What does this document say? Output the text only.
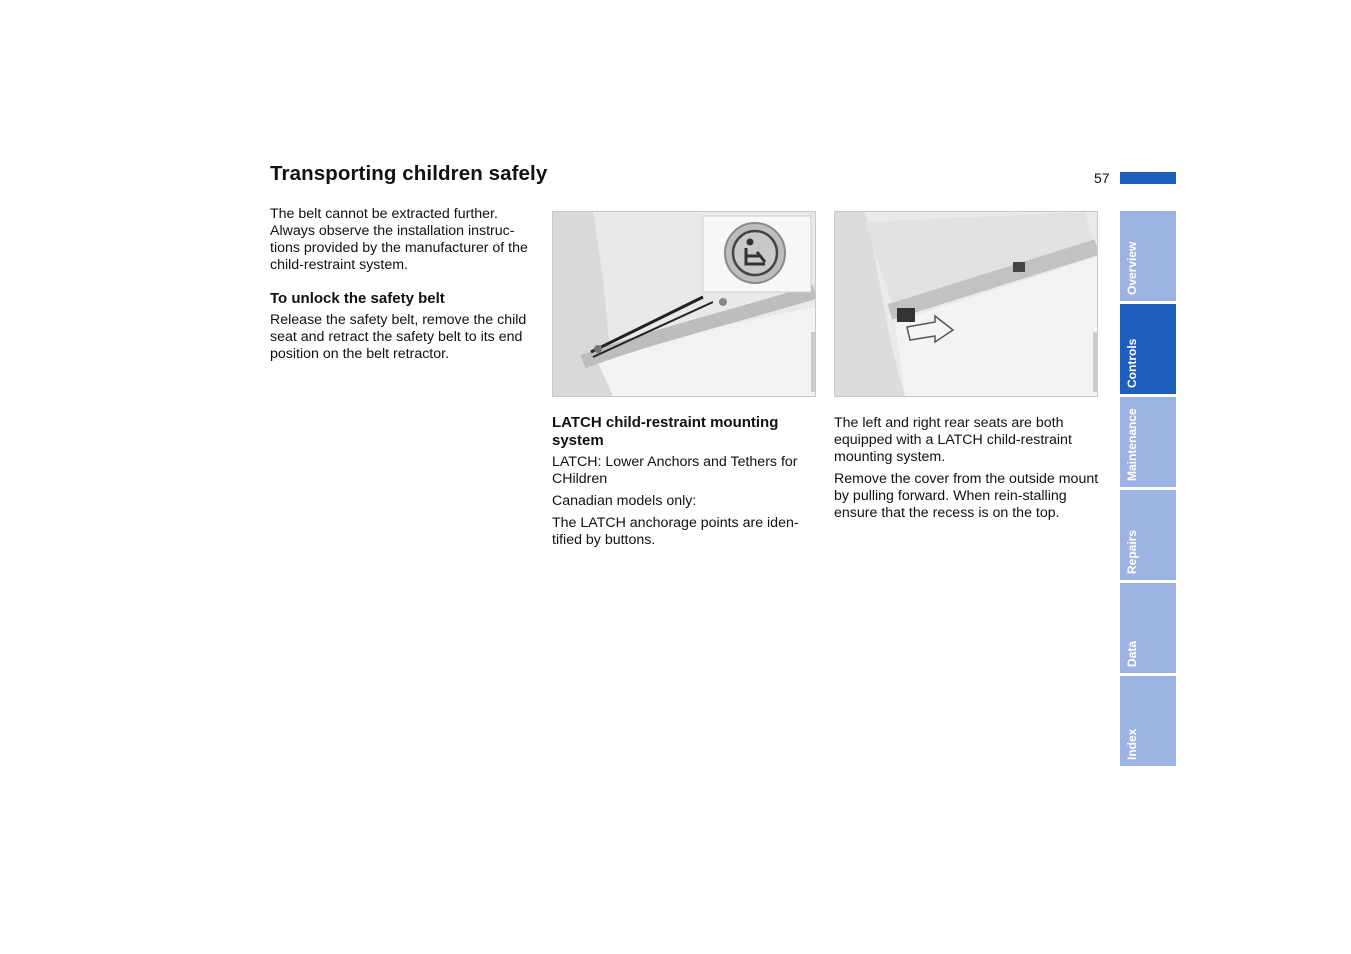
Transporting children safely	57

The belt cannot be extracted further. Always observe the installation instruc-tions provided by the manufacturer of the child-restraint system.

To unlock the safety belt

Release the safety belt, remove the child seat and retract the safety belt to its end position on the belt retractor.

LATCH child-restraint mounting system

LATCH: Lower Anchors and Tethers for CHildren

Canadian models only:

The LATCH anchorage points are iden-tified by buttons.

The left and right rear seats are both equipped with a LATCH child-restraint mounting system.

Remove the cover from the outside mount by pulling forward. When rein-stalling ensure that the recess is on the top.

Overview
Controls
Maintenance
Repairs
Data
Index
